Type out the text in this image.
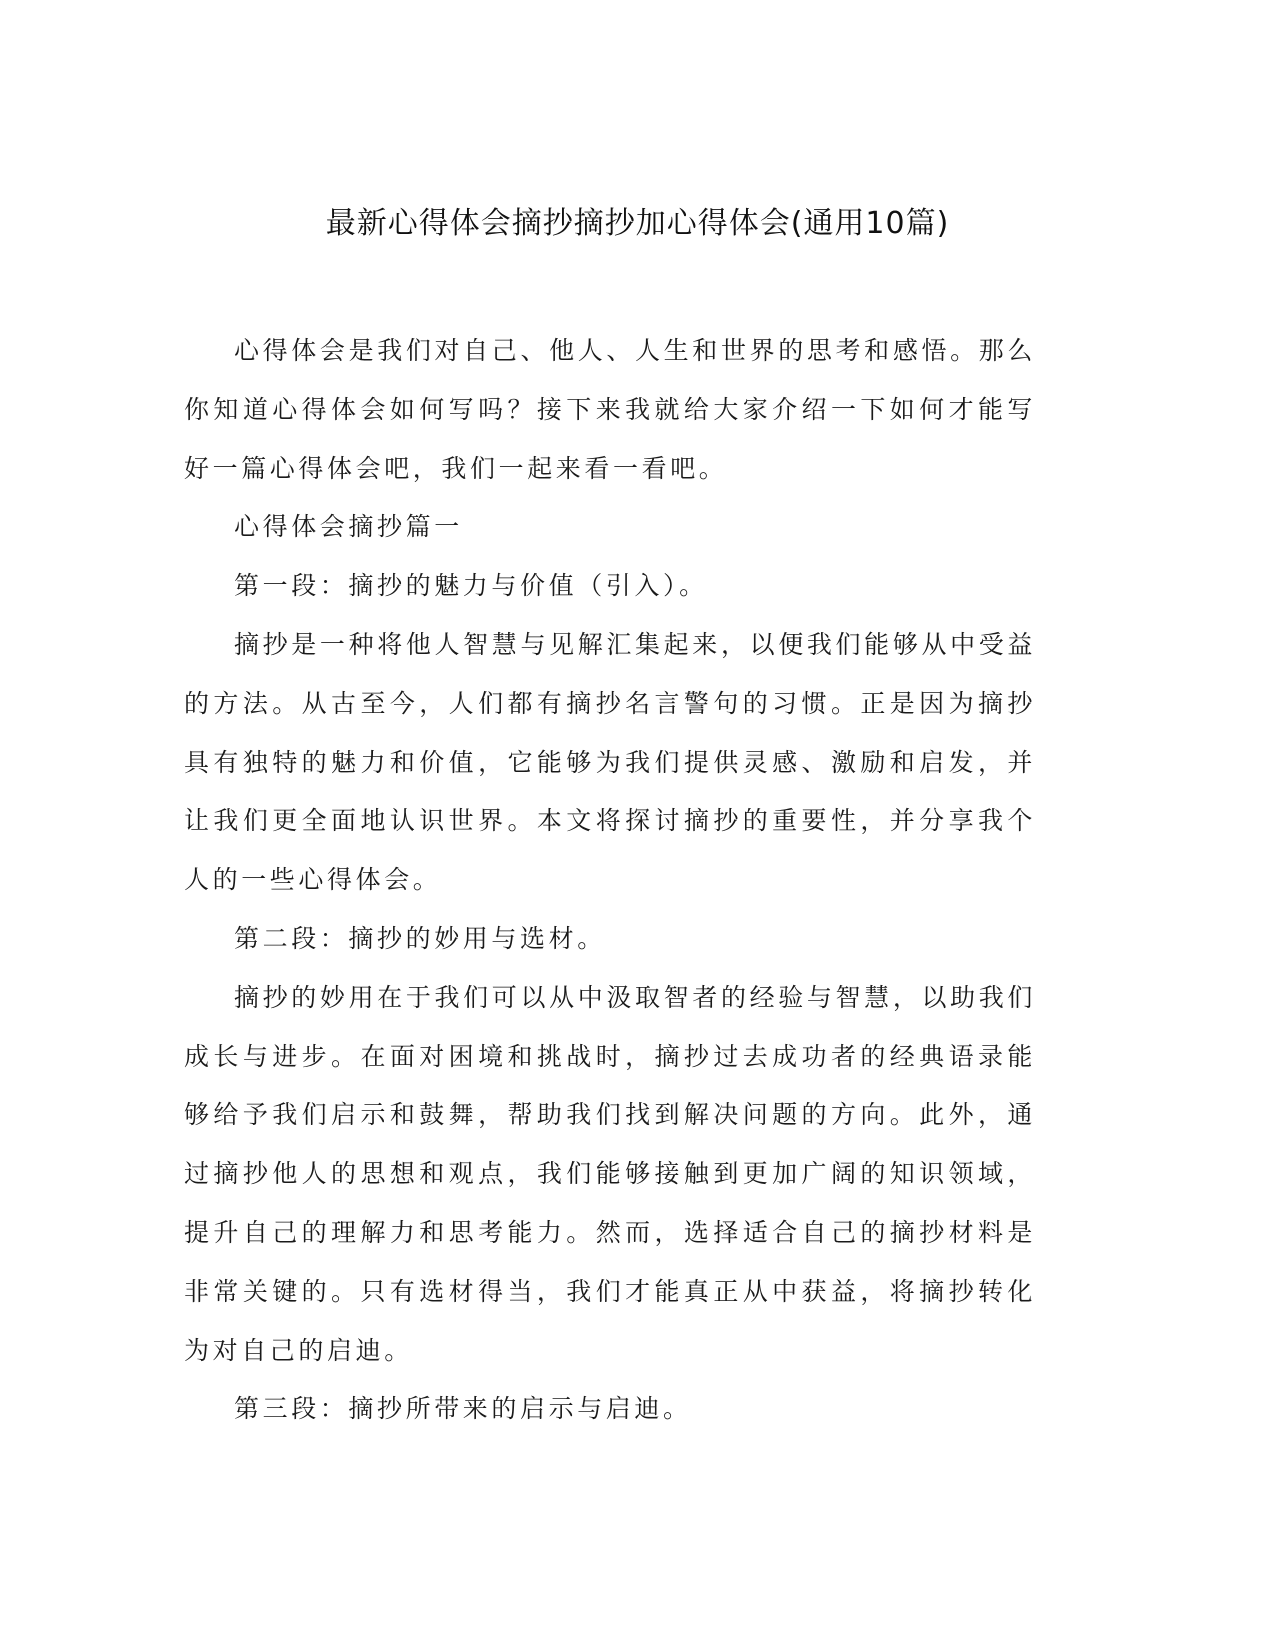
最新心得体会摘抄摘抄加心得体会(通用10篇)

心得体会是我们对自己、他人、人生和世界的思考和感悟。那么你知道心得体会如何写吗？接下来我就给大家介绍一下如何才能写好一篇心得体会吧，我们一起来看一看吧。

心得体会摘抄篇一

第一段：摘抄的魅力与价值（引入）。

摘抄是一种将他人智慧与见解汇集起来，以便我们能够从中受益的方法。从古至今，人们都有摘抄名言警句的习惯。正是因为摘抄具有独特的魅力和价值，它能够为我们提供灵感、激励和启发，并让我们更全面地认识世界。本文将探讨摘抄的重要性，并分享我个人的一些心得体会。

第二段：摘抄的妙用与选材。

摘抄的妙用在于我们可以从中汲取智者的经验与智慧，以助我们成长与进步。在面对困境和挑战时，摘抄过去成功者的经典语录能够给予我们启示和鼓舞，帮助我们找到解决问题的方向。此外，通过摘抄他人的思想和观点，我们能够接触到更加广阔的知识领域，提升自己的理解力和思考能力。然而，选择适合自己的摘抄材料是非常关键的。只有选材得当，我们才能真正从中获益，将摘抄转化为对自己的启迪。

第三段：摘抄所带来的启示与启迪。
